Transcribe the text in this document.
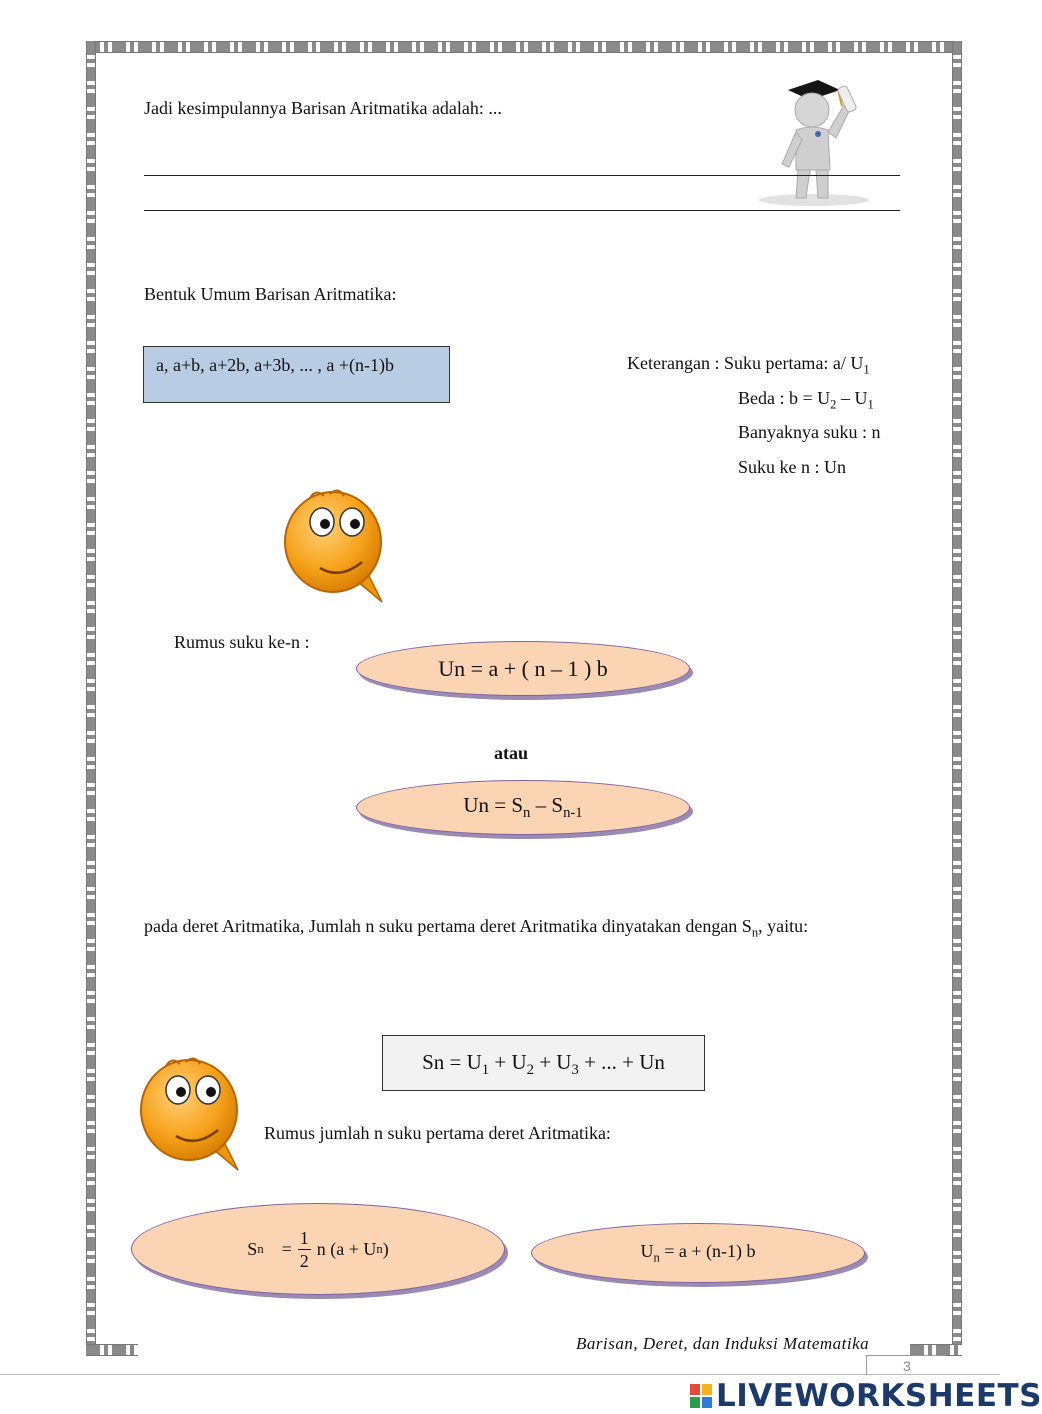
Jadi kesimpulannya Barisan Aritmatika adalah: ...
Bentuk Umum Barisan Aritmatika:
a, a+b, a+2b, a+3b, ... , a +(n-1)b	Keterangan : Suku pertama: a/ $U_1$
Beda : $b = U_2 - U_1$
Banyaknya suku : n
Suku ke n : Un
Rumus suku ke-n :
Un = a + ( n – 1 ) b
atau
$Un = S_n - S_{n-1}$
pada deret Aritmatika, Jumlah n suku pertama deret Aritmatika dinyatakan dengan $S_n$, yaitu:
$Sn = U_1 + U_2 + U_3$ + ... + Un
Rumus jumlah n suku pertama deret Aritmatika:
S $n = \frac{1}{2}$ n (a + U n )	$U_n = a + (n-1)$ b
Barisan, Deret, dan Induksi Matematika
3
LIVEWORKSHEETS
